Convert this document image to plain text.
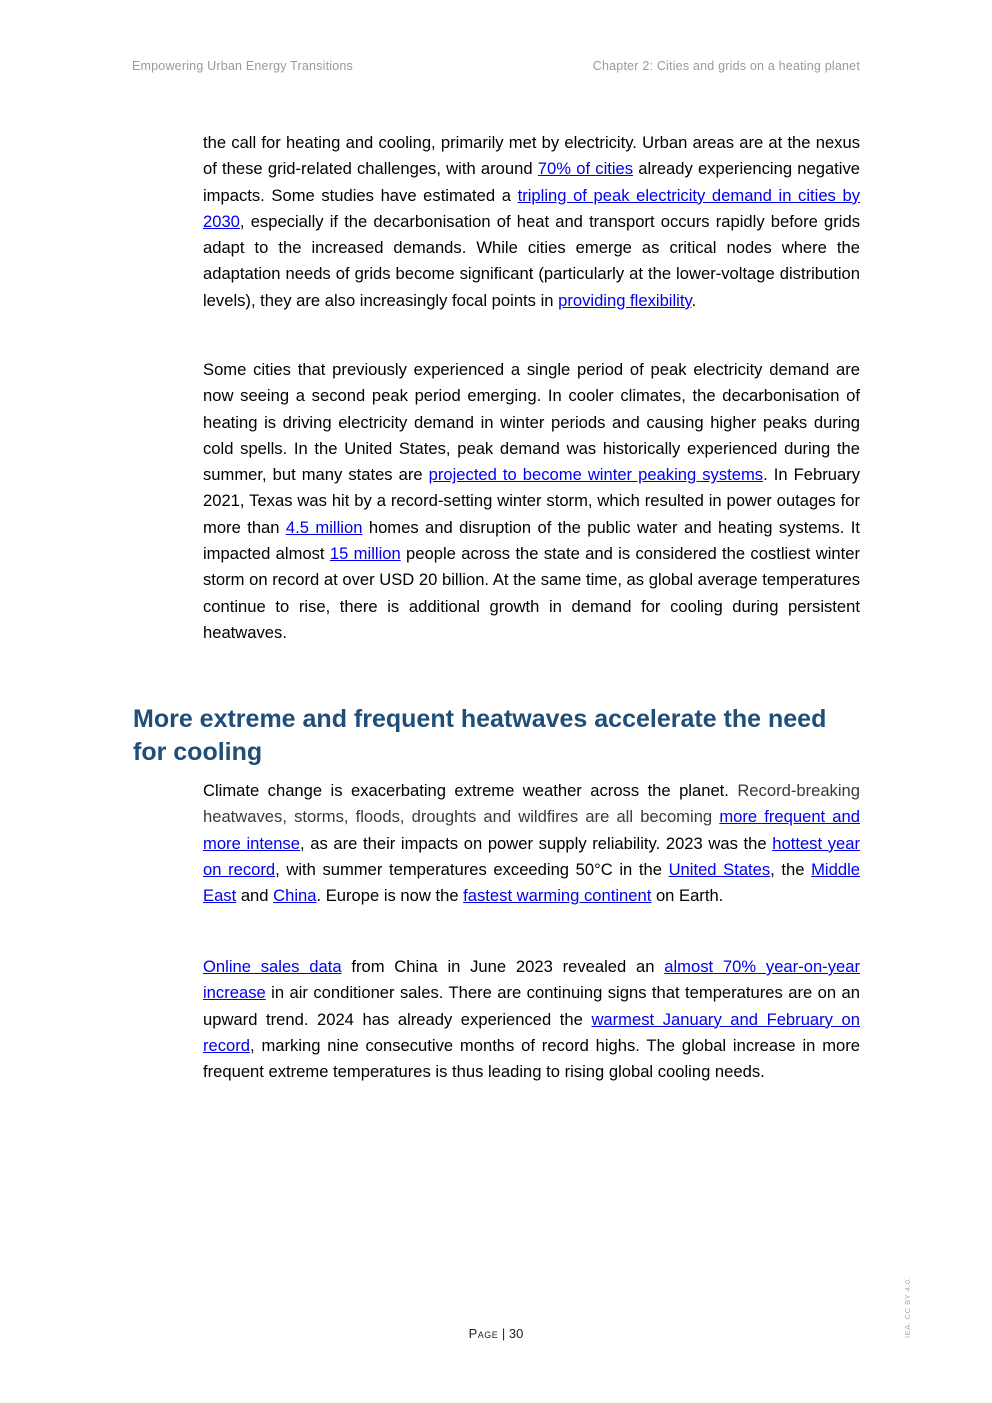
Empowering Urban Energy Transitions	Chapter 2: Cities and grids on a heating planet

the call for heating and cooling, primarily met by electricity. Urban areas are at the nexus of these grid-related challenges, with around 70% of cities already experiencing negative impacts. Some studies have estimated a tripling of peak electricity demand in cities by 2030, especially if the decarbonisation of heat and transport occurs rapidly before grids adapt to the increased demands. While cities emerge as critical nodes where the adaptation needs of grids become significant (particularly at the lower-voltage distribution levels), they are also increasingly focal points in providing flexibility.

Some cities that previously experienced a single period of peak electricity demand are now seeing a second peak period emerging. In cooler climates, the decarbonisation of heating is driving electricity demand in winter periods and causing higher peaks during cold spells. In the United States, peak demand was historically experienced during the summer, but many states are projected to become winter peaking systems. In February 2021, Texas was hit by a record-setting winter storm, which resulted in power outages for more than 4.5 million homes and disruption of the public water and heating systems. It impacted almost 15 million people across the state and is considered the costliest winter storm on record at over USD 20 billion. At the same time, as global average temperatures continue to rise, there is additional growth in demand for cooling during persistent heatwaves.

More extreme and frequent heatwaves accelerate the need for cooling

Climate change is exacerbating extreme weather across the planet. Record-breaking heatwaves, storms, floods, droughts and wildfires are all becoming more frequent and more intense, as are their impacts on power supply reliability. 2023 was the hottest year on record, with summer temperatures exceeding 50°C in the United States, the Middle East and China. Europe is now the fastest warming continent on Earth.

Online sales data from China in June 2023 revealed an almost 70% year-on-year increase in air conditioner sales. There are continuing signs that temperatures are on an upward trend. 2024 has already experienced the warmest January and February on record, marking nine consecutive months of record highs. The global increase in more frequent extreme temperatures is thus leading to rising global cooling needs.

Page | 30	IEA. CC BY 4.0.
